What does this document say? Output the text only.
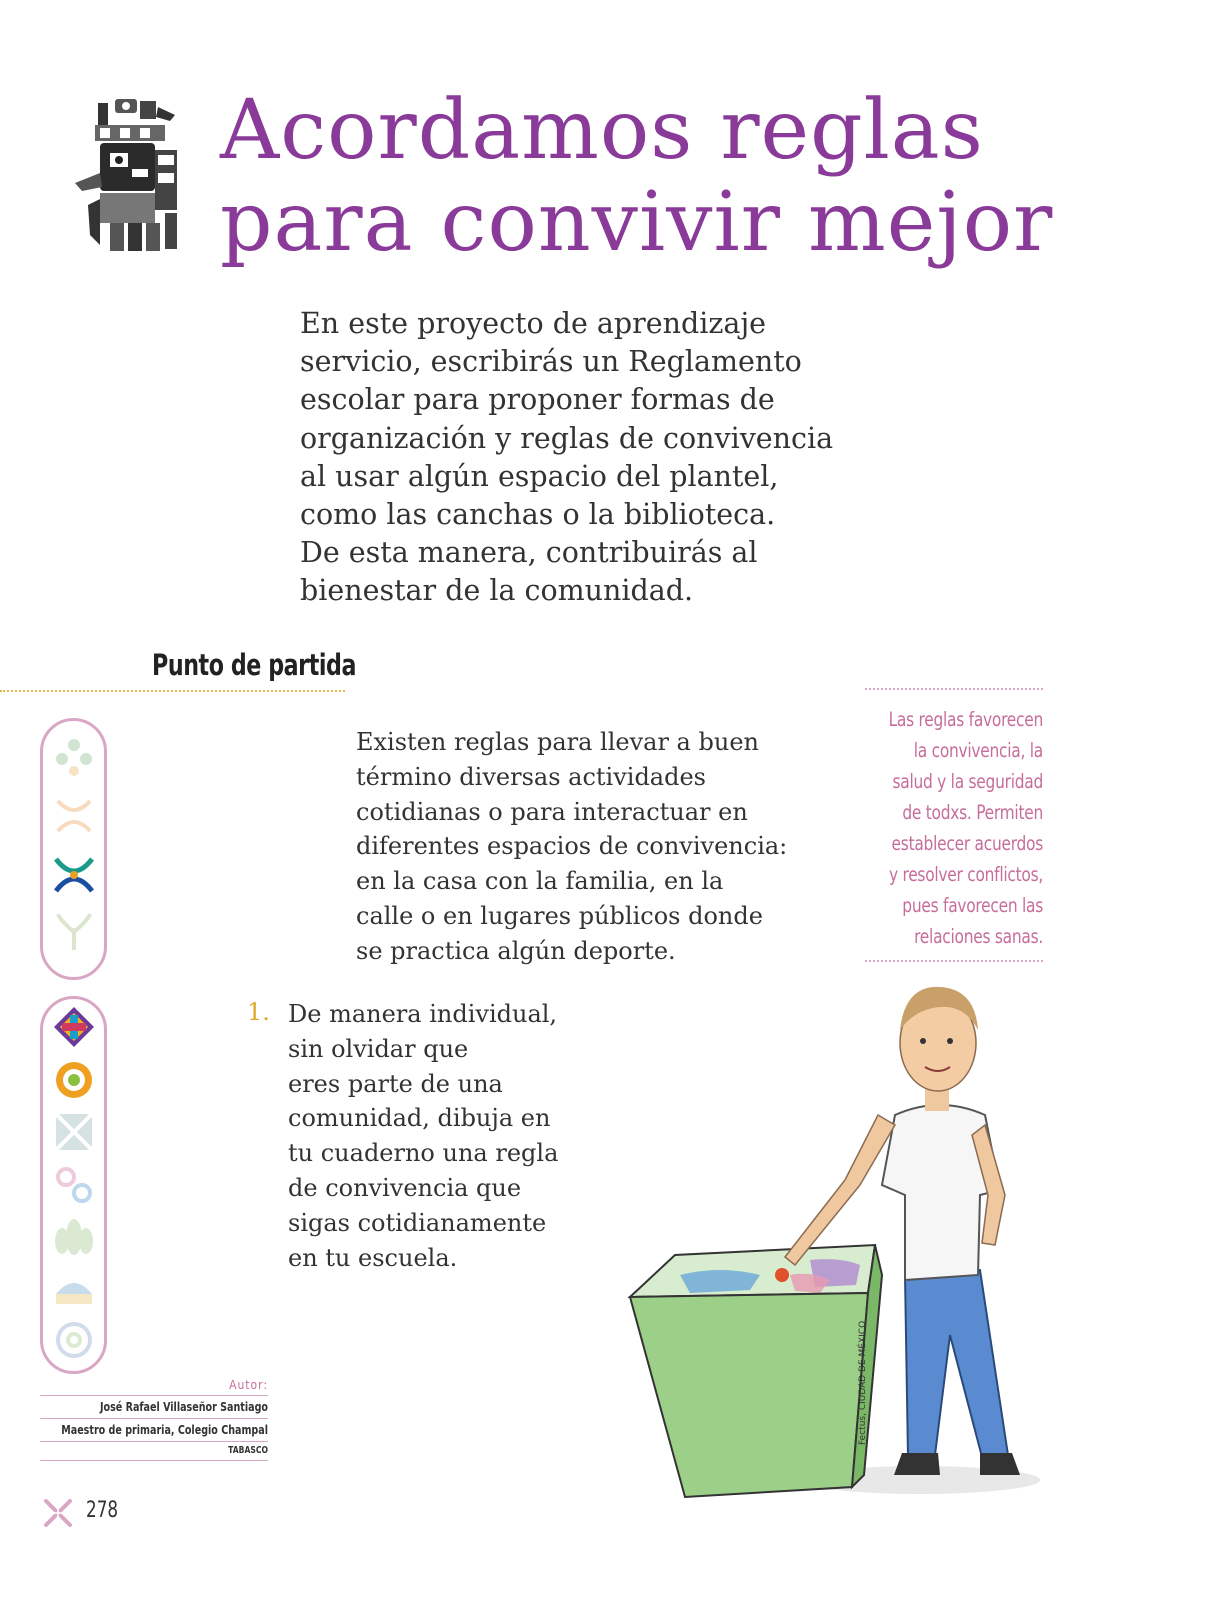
Acordamos reglas
para convivir mejor
En este proyecto de aprendizaje
servicio, escribirás un Reglamento
escolar para proponer formas de
organización y reglas de convivencia
al usar algún espacio del plantel,
como las canchas o la biblioteca.
De esta manera, contribuirás al
bienestar de la comunidad.
Punto de partida
Las reglas favorecen
la convivencia, la
salud y la seguridad
de todxs. Permiten
establecer acuerdos
y resolver conflictos,
pues favorecen las
relaciones sanas.
Existen reglas para llevar a buen
término diversas actividades
cotidianas o para interactuar en
diferentes espacios de convivencia:
en la casa con la familia, en la
calle o en lugares públicos donde
se practica algún deporte.
1. De manera individual,
sin olvidar que
eres parte de una
comunidad, dibuja en
tu cuaderno una regla
de convivencia que
sigas cotidianamente
en tu escuela.
Fectus, CIUDAD DE MÉXICO
Autor:
José Rafael Villaseñor Santiago
Maestro de primaria, Colegio Champal
TABASCO
278
